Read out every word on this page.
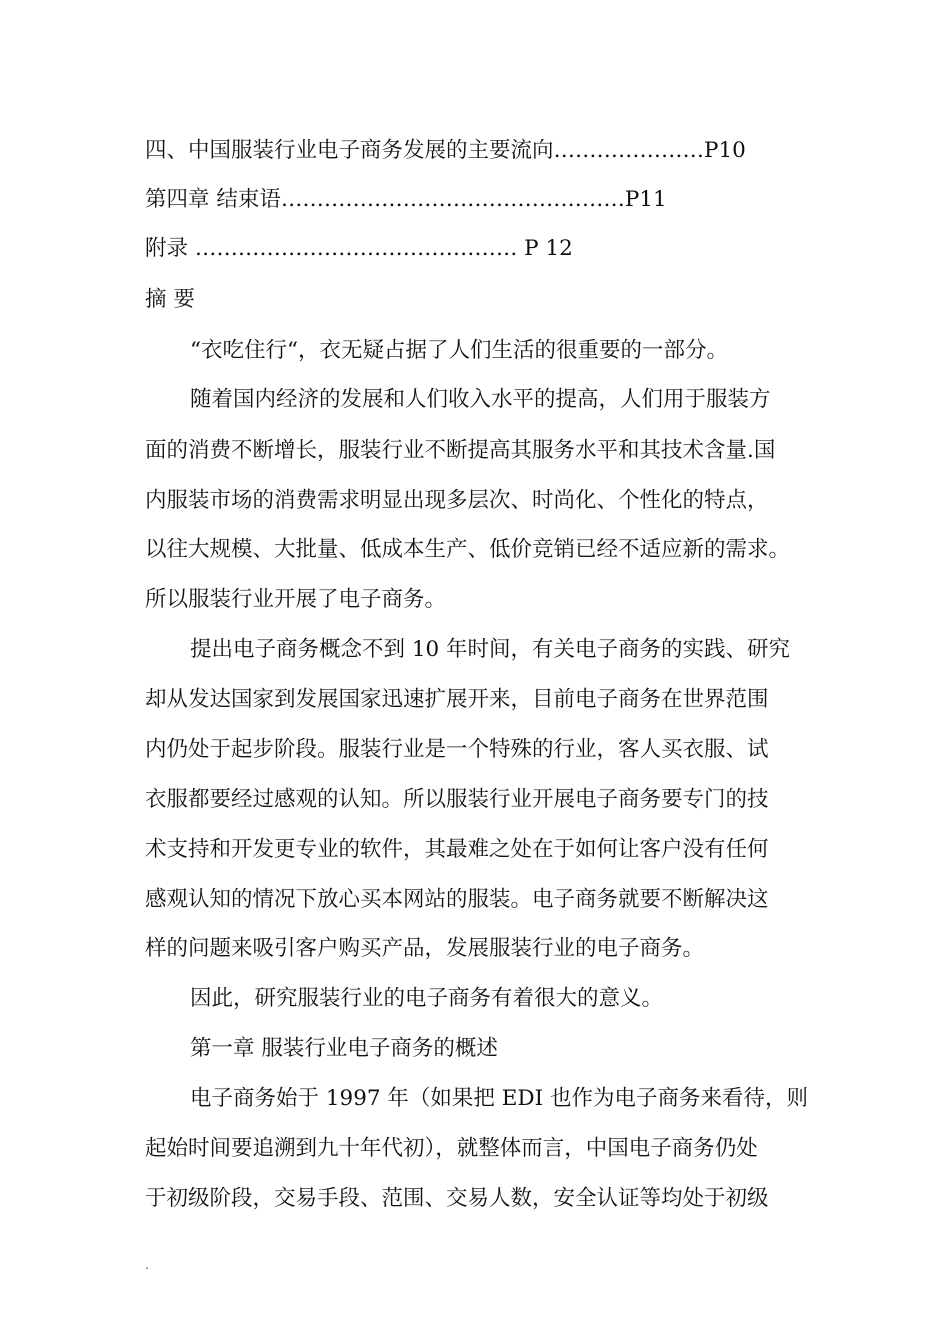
四、中国服装行业电子商务发展的主要流向…………………P10
第四章 结束语…………………………………………P11
附录 ……………………………………… P 12
摘 要
“衣吃住行“，衣无疑占据了人们生活的很重要的一部分。
随着国内经济的发展和人们收入水平的提高，人们用于服装方
面的消费不断增长，服装行业不断提高其服务水平和其技术含量.国
内服装市场的消费需求明显出现多层次、时尚化、个性化的特点，
以往大规模、大批量、低成本生产、低价竞销已经不适应新的需求。
所以服装行业开展了电子商务。
提出电子商务概念不到 10 年时间，有关电子商务的实践、研究
却从发达国家到发展国家迅速扩展开来，目前电子商务在世界范围
内仍处于起步阶段。服装行业是一个特殊的行业，客人买衣服、试
衣服都要经过感观的认知。所以服装行业开展电子商务要专门的技
术支持和开发更专业的软件，其最难之处在于如何让客户没有任何
感观认知的情况下放心买本网站的服装。电子商务就要不断解决这
样的问题来吸引客户购买产品，发展服装行业的电子商务。
因此，研究服装行业的电子商务有着很大的意义。
第一章 服装行业电子商务的概述
电子商务始于 1997 年（如果把 EDI 也作为电子商务来看待，则
起始时间要追溯到九十年代初），就整体而言，中国电子商务仍处
于初级阶段，交易手段、范围、交易人数，安全认证等均处于初级
.
